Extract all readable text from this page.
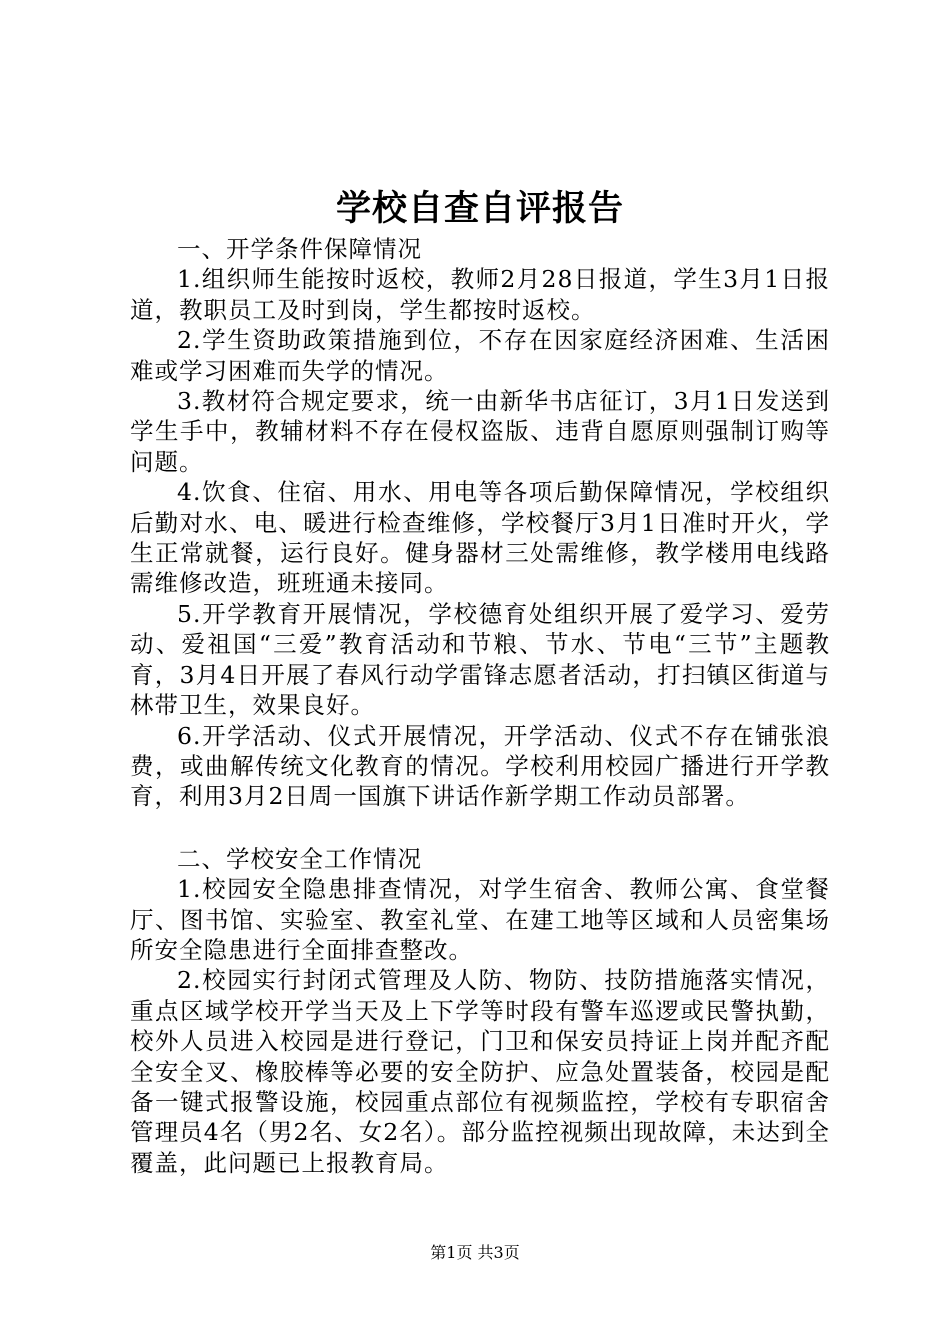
学校自查自评报告

一、开学条件保障情况

1.组织师生能按时返校，教师2月28日报道，学生3月1日报道，教职员工及时到岗，学生都按时返校。

2.学生资助政策措施到位，不存在因家庭经济困难、生活困难或学习困难而失学的情况。

3.教材符合规定要求，统一由新华书店征订，3月1日发送到学生手中，教辅材料不存在侵权盗版、违背自愿原则强制订购等问题。

4.饮食、住宿、用水、用电等各项后勤保障情况，学校组织后勤对水、电、暖进行检查维修，学校餐厅3月1日准时开火，学生正常就餐，运行良好。健身器材三处需维修，教学楼用电线路需维修改造，班班通未接同。

5.开学教育开展情况，学校德育处组织开展了爱学习、爱劳动、爱祖国“三爱”教育活动和节粮、节水、节电“三节”主题教育，3月4日开展了春风行动学雷锋志愿者活动，打扫镇区街道与林带卫生，效果良好。

6.开学活动、仪式开展情况，开学活动、仪式不存在铺张浪费，或曲解传统文化教育的情况。学校利用校园广播进行开学教育，利用3月2日周一国旗下讲话作新学期工作动员部署。

二、学校安全工作情况

1.校园安全隐患排查情况，对学生宿舍、教师公寓、食堂餐厅、图书馆、实验室、教室礼堂、在建工地等区域和人员密集场所安全隐患进行全面排查整改。

2.校园实行封闭式管理及人防、物防、技防措施落实情况，重点区域学校开学当天及上下学等时段有警车巡逻或民警执勤，校外人员进入校园是进行登记，门卫和保安员持证上岗并配齐配全安全叉、橡胶棒等必要的安全防护、应急处置装备，校园是配备一键式报警设施，校园重点部位有视频监控，学校有专职宿舍管理员4名（男2名、女2名）。部分监控视频出现故障，未达到全覆盖，此问题已上报教育局。

第1页 共3页
